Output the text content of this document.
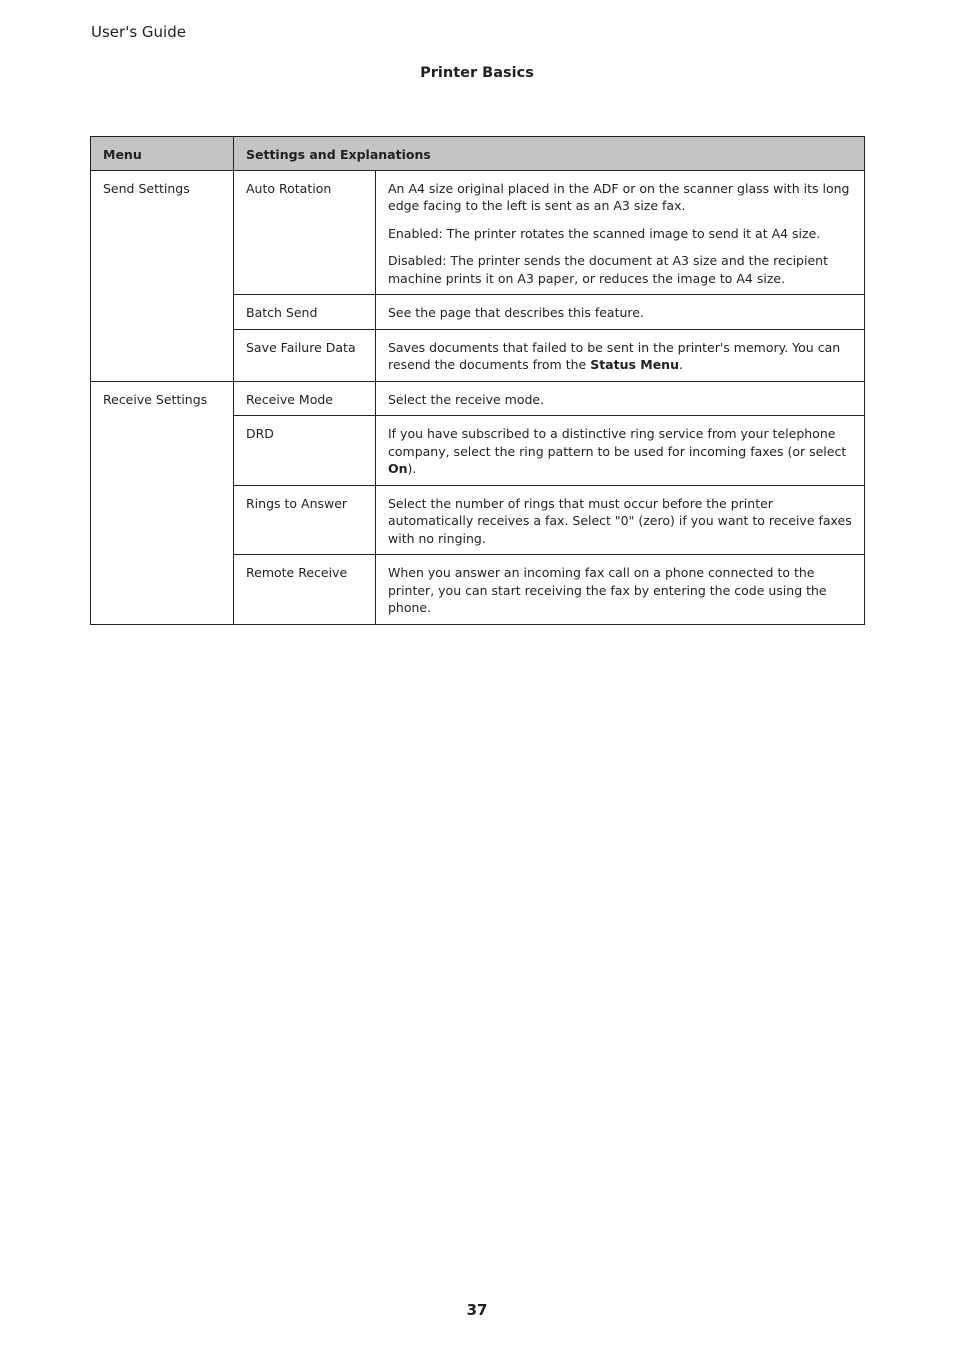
User's Guide
Printer Basics
Menu	Settings and Explanations	
Send Settings	Auto Rotation	An A4 size original placed in the ADF or on the scanner glass with its long edge facing to the left is sent as an A3 size fax.

Enabled: The printer rotates the scanned image to send it at A4 size.

Disabled: The printer sends the document at A3 size and the recipient machine prints it on A3 paper, or reduces the image to A4 size.

	Batch Send	See the page that describes this feature.
	Save Failure Data	Saves documents that failed to be sent in the printer's memory. You can resend the documents from the Status Menu.
Receive Settings	Receive Mode	Select the receive mode.
	DRD	If you have subscribed to a distinctive ring service from your telephone company, select the ring pattern to be used for incoming faxes (or select On).
	Rings to Answer	Select the number of rings that must occur before the printer automatically receives a fax. Select "0" (zero) if you want to receive faxes with no ringing.
	Remote Receive	When you answer an incoming fax call on a phone connected to the printer, you can start receiving the fax by entering the code using the phone.
37
